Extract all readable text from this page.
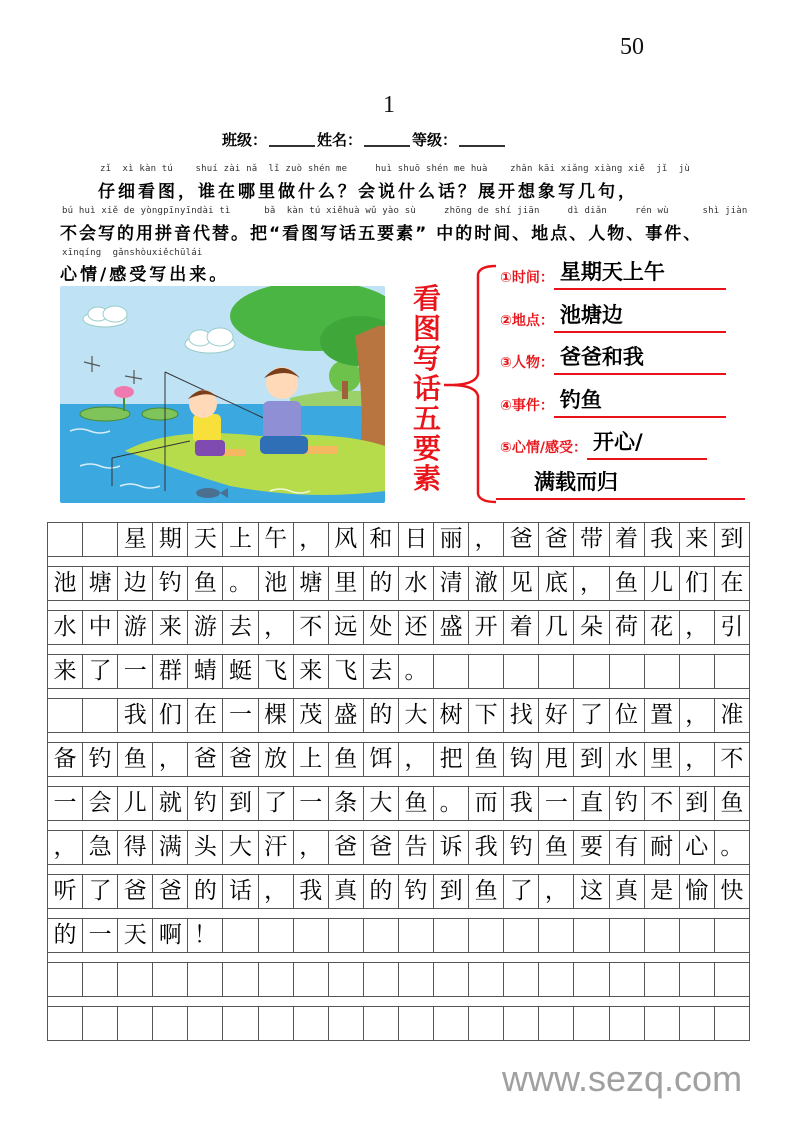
50
1
班级：	姓名：	等级：
zǐ  xì kàn tú    shuí zài nǎ  lǐ zuò shén me     huì shuō shén me huà    zhǎn kāi xiǎng xiàng xiě  jǐ  jù
仔细看图，谁在哪里做什么？会说什么话？展开想象写几句，
bú huì xiě de yòngpīnyīndài tì      bǎ  kàn tú xiěhuà wǔ yào sù     zhōng de shí jiān     dì diǎn     rén wù      shì jiàn
不会写的用拼音代替。把“看图写话五要素” 中的时间、地点、人物、事件、
xīnqíng  gǎnshòuxiěchūlái
心情/感受写出来。
看
图
写
话
五
要
素
①时间： 星期天上午
②地点： 池塘边
③人物： 爸爸和我
④事件： 钓鱼
⑤心情/感受： 开心/
满载而归
星 期 天 上 午 ， 风 和 日 丽 ， 爸 爸 带 着 我 来 到
池 塘 边 钓 鱼 。 池 塘 里 的 水 清 澈 见 底 ， 鱼 儿 们 在
水 中 游 来 游 去 ， 不 远 处 还 盛 开 着 几 朵 荷 花 ， 引
来 了 一 群 蜻 蜓 飞 来 飞 去 。
我 们 在 一 棵 茂 盛 的 大 树 下 找 好 了 位 置 ， 准
备 钓 鱼 ， 爸 爸 放 上 鱼 饵 ， 把 鱼 钩 甩 到 水 里 ， 不
一 会 儿 就 钓 到 了 一 条 大 鱼 。 而 我 一 直 钓 不 到 鱼
， 急 得 满 头 大 汗 ， 爸 爸 告 诉 我 钓 鱼 要 有 耐 心 。
听 了 爸 爸 的 话 ， 我 真 的 钓 到 鱼 了 ， 这 真 是 愉 快
的 一 天 啊 ！
www.sezq.com
